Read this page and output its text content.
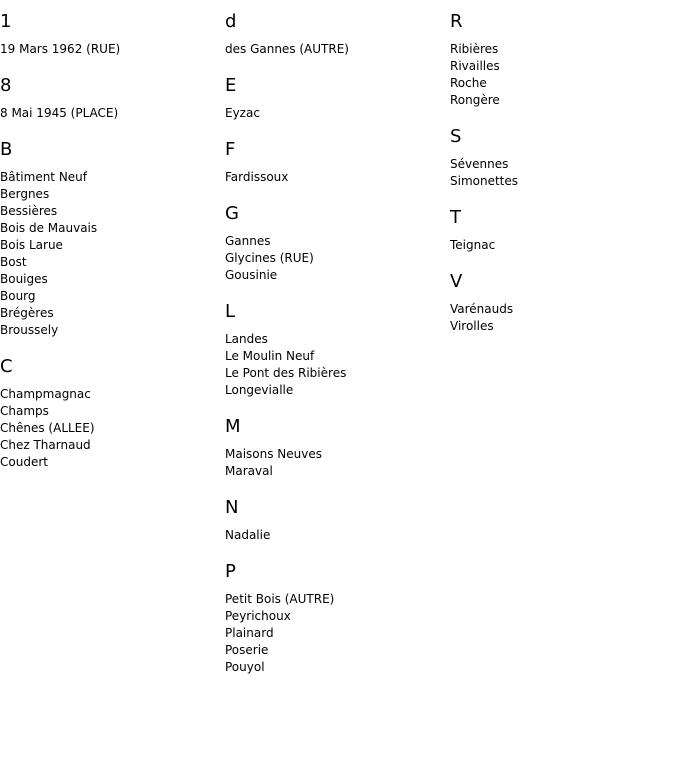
1
19 Mars 1962 (RUE)
8
8 Mai 1945 (PLACE)
B
Bâtiment Neuf
Bergnes
Bessières
Bois de Mauvais
Bois Larue
Bost
Bouiges
Bourg
Brégères
Broussely
C
Champmagnac
Champs
Chênes (ALLEE)
Chez Tharnaud
Coudert
d
des Gannes (AUTRE)
E
Eyzac
F
Fardissoux
G
Gannes
Glycines (RUE)
Gousinie
L
Landes
Le Moulin Neuf
Le Pont des Ribières
Longevialle
M
Maisons Neuves
Maraval
N
Nadalie
P
Petit Bois (AUTRE)
Peyrichoux
Plainard
Poserie
Pouyol
R
Ribières
Rivailles
Roche
Rongère
S
Sévennes
Simonettes
T
Teignac
V
Varénauds
Virolles
